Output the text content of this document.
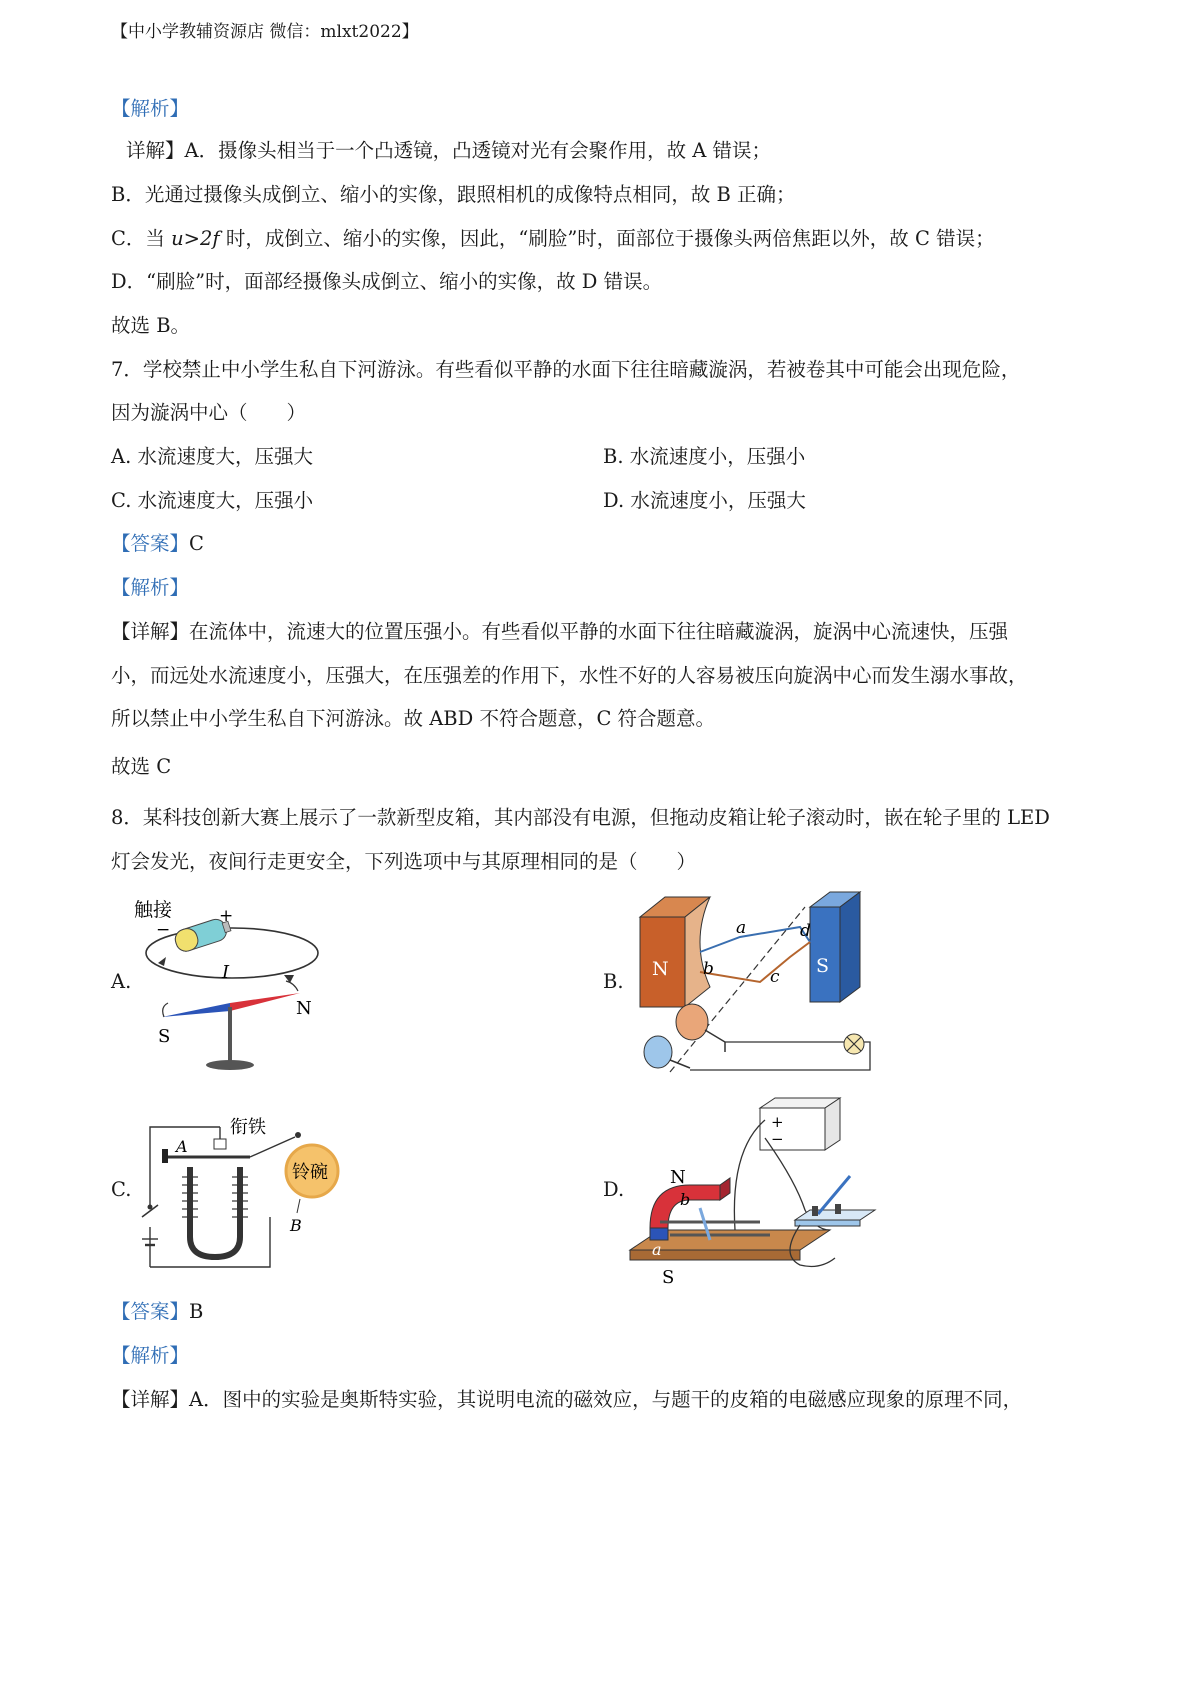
【中小学教辅资源店 微信：mlxt2022】
【解析】
详解】A．摄像头相当于一个凸透镜，凸透镜对光有会聚作用，故 A 错误；
B．光通过摄像头成倒立、缩小的实像，跟照相机的成像特点相同，故 B 正确；
C．当 u>2f 时，成倒立、缩小的实像，因此，“刷脸”时，面部位于摄像头两倍焦距以外，故 C 错误；
D．“刷脸”时，面部经摄像头成倒立、缩小的实像，故 D 错误。
故选 B。
7．学校禁止中小学生私自下河游泳。有些看似平静的水面下往往暗藏漩涡，若被卷其中可能会出现危险，
因为漩涡中心（　　）
A. 水流速度大，压强大	B. 水流速度小，压强小
C. 水流速度大，压强小	D. 水流速度小，压强大
【答案】C
【解析】
【详解】在流体中，流速大的位置压强小。有些看似平静的水面下往往暗藏漩涡，旋涡中心流速快，压强
小，而远处水流速度小，压强大，在压强差的作用下，水性不好的人容易被压向旋涡中心而发生溺水事故，
所以禁止中小学生私自下河游泳。故 ABD 不符合题意，C 符合题意。
故选 C
8．某科技创新大赛上展示了一款新型皮箱，其内部没有电源，但拖动皮箱让轮子滚动时，嵌在轮子里的 LED
灯会发光，夜间行走更安全，下列选项中与其原理相同的是（　　）
A.
触接	+
−
I
N
S
B.
N	S
a
b	c
d
C.
A
衔铁
铃碗
B
D.
+
−
N
S
a
b
【答案】B
【解析】
【详解】A．图中的实验是奥斯特实验，其说明电流的磁效应，与题干的皮箱的电磁感应现象的原理不同，
